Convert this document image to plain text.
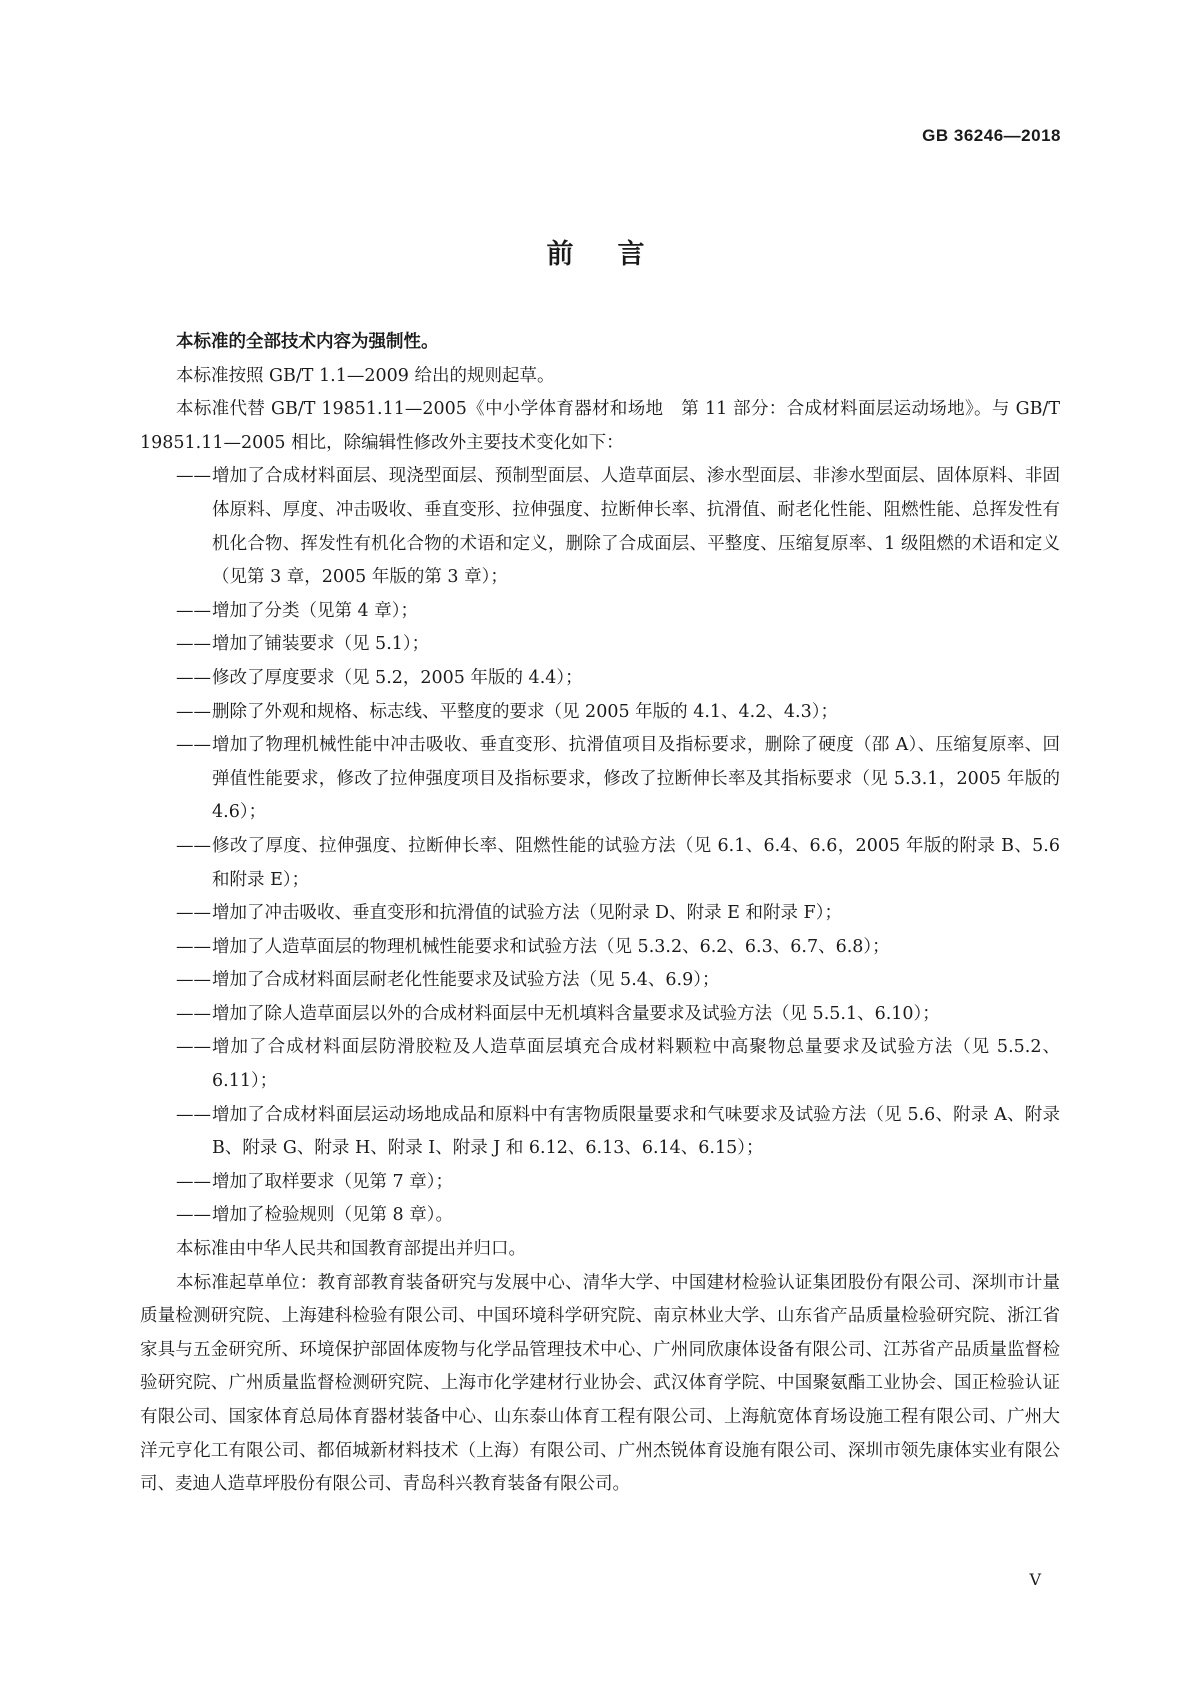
GB 36246—2018
前言

本标准的全部技术内容为强制性。

本标准按照 GB/T 1.1—2009 给出的规则起草。

本标准代替 GB/T 19851.11—2005《中小学体育器材和场地　第 11 部分：合成材料面层运动场地》。与 GB/T 19851.11—2005 相比，除编辑性修改外主要技术变化如下：

—— 增加了合成材料面层、现浇型面层、预制型面层、人造草面层、渗水型面层、非渗水型面层、固体原料、非固体原料、厚度、冲击吸收、垂直变形、拉伸强度、拉断伸长率、抗滑值、耐老化性能、阻燃性能、总挥发性有机化合物、挥发性有机化合物的术语和定义，删除了合成面层、平整度、压缩复原率、1 级阻燃的术语和定义（见第 3 章，2005 年版的第 3 章）；

—— 增加了分类（见第 4 章）；

—— 增加了铺装要求（见 5.1）；

—— 修改了厚度要求（见 5.2，2005 年版的 4.4）；

—— 删除了外观和规格、标志线、平整度的要求（见 2005 年版的 4.1、4.2、4.3）；

—— 增加了物理机械性能中冲击吸收、垂直变形、抗滑值项目及指标要求，删除了硬度（邵 A）、压缩复原率、回弹值性能要求，修改了拉伸强度项目及指标要求，修改了拉断伸长率及其指标要求（见 5.3.1，2005 年版的 4.6）；

—— 修改了厚度、拉伸强度、拉断伸长率、阻燃性能的试验方法（见 6.1、6.4、6.6，2005 年版的附录 B、5.6 和附录 E）；

—— 增加了冲击吸收、垂直变形和抗滑值的试验方法（见附录 D、附录 E 和附录 F）；

—— 增加了人造草面层的物理机械性能要求和试验方法（见 5.3.2、6.2、6.3、6.7、6.8）；

—— 增加了合成材料面层耐老化性能要求及试验方法（见 5.4、6.9）；

—— 增加了除人造草面层以外的合成材料面层中无机填料含量要求及试验方法（见 5.5.1、6.10）；

—— 增加了合成材料面层防滑胶粒及人造草面层填充合成材料颗粒中高聚物总量要求及试验方法（见 5.5.2、6.11）；

—— 增加了合成材料面层运动场地成品和原料中有害物质限量要求和气味要求及试验方法（见 5.6、附录 A、附录 B、附录 G、附录 H、附录 I、附录 J 和 6.12、6.13、6.14、6.15）；

—— 增加了取样要求（见第 7 章）；

—— 增加了检验规则（见第 8 章）。

本标准由中华人民共和国教育部提出并归口。

本标准起草单位：教育部教育装备研究与发展中心、清华大学、中国建材检验认证集团股份有限公司、深圳市计量质量检测研究院、上海建科检验有限公司、中国环境科学研究院、南京林业大学、山东省产品质量检验研究院、浙江省家具与五金研究所、环境保护部固体废物与化学品管理技术中心、广州同欣康体设备有限公司、江苏省产品质量监督检验研究院、广州质量监督检测研究院、上海市化学建材行业协会、武汉体育学院、中国聚氨酯工业协会、国正检验认证有限公司、国家体育总局体育器材装备中心、山东泰山体育工程有限公司、上海航宽体育场设施工程有限公司、广州大洋元亨化工有限公司、都佰城新材料技术（上海）有限公司、广州杰锐体育设施有限公司、深圳市领先康体实业有限公司、麦迪人造草坪股份有限公司、青岛科兴教育装备有限公司。

V
